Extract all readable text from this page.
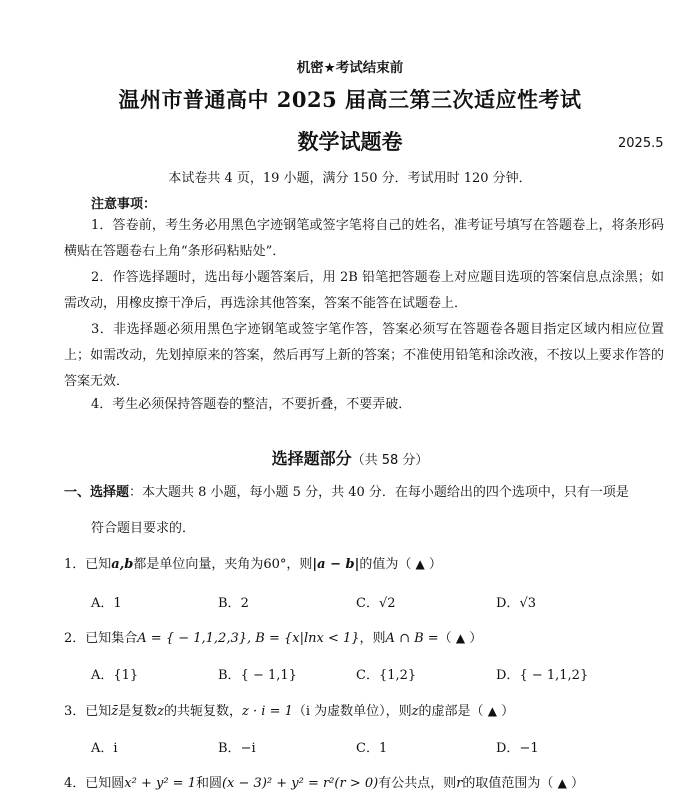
机密★考试结束前
温州市普通高中 2025 届高三第三次适应性考试
数学试题卷	2025.5
本试卷共 4 页，19 小题，满分 150 分．考试用时 120 分钟．
注意事项：
1．答卷前，考生务必用黑色字迹钢笔或签字笔将自己的姓名，准考证号填写在答题卷上，将条形码横贴在答题卷右上角“条形码粘贴处”．
2．作答选择题时，选出每小题答案后，用 2B 铅笔把答题卷上对应题目选项的答案信息点涂黑；如需改动，用橡皮擦干净后，再选涂其他答案，答案不能答在试题卷上．
3．非选择题必须用黑色字迹钢笔或签字笔作答，答案必须写在答题卷各题目指定区域内相应位置上；如需改动，先划掉原来的答案，然后再写上新的答案；不准使用铅笔和涂改液，不按以上要求作答的答案无效．
4．考生必须保持答题卷的整洁，不要折叠，不要弄破．
选择题部分（共 58 分）
一、选择题：本大题共 8 小题，每小题 5 分，共 40 分．在每小题给出的四个选项中，只有一项是
符合题目要求的．
1．已知a,b都是单位向量，夹角为60°，则|a − b|的值为（ ▲ ）
A．1	B．2	C．√2	D．√3
2．已知集合A = { − 1,1,2,3}, B = {x|lnx < 1}，则A ∩ B =（ ▲ ）
A．{1}	B．{ − 1,1}	C．{1,2}	D．{ − 1,1,2}
3．已知z̄是复数z的共轭复数，z · i = 1（i 为虚数单位），则z的虚部是（ ▲ ）
A．i	B．−i	C．1	D．−1
4．已知圆x² + y² = 1和圆(x − 3)² + y² = r²(r > 0)有公共点，则r的取值范围为（ ▲ ）
